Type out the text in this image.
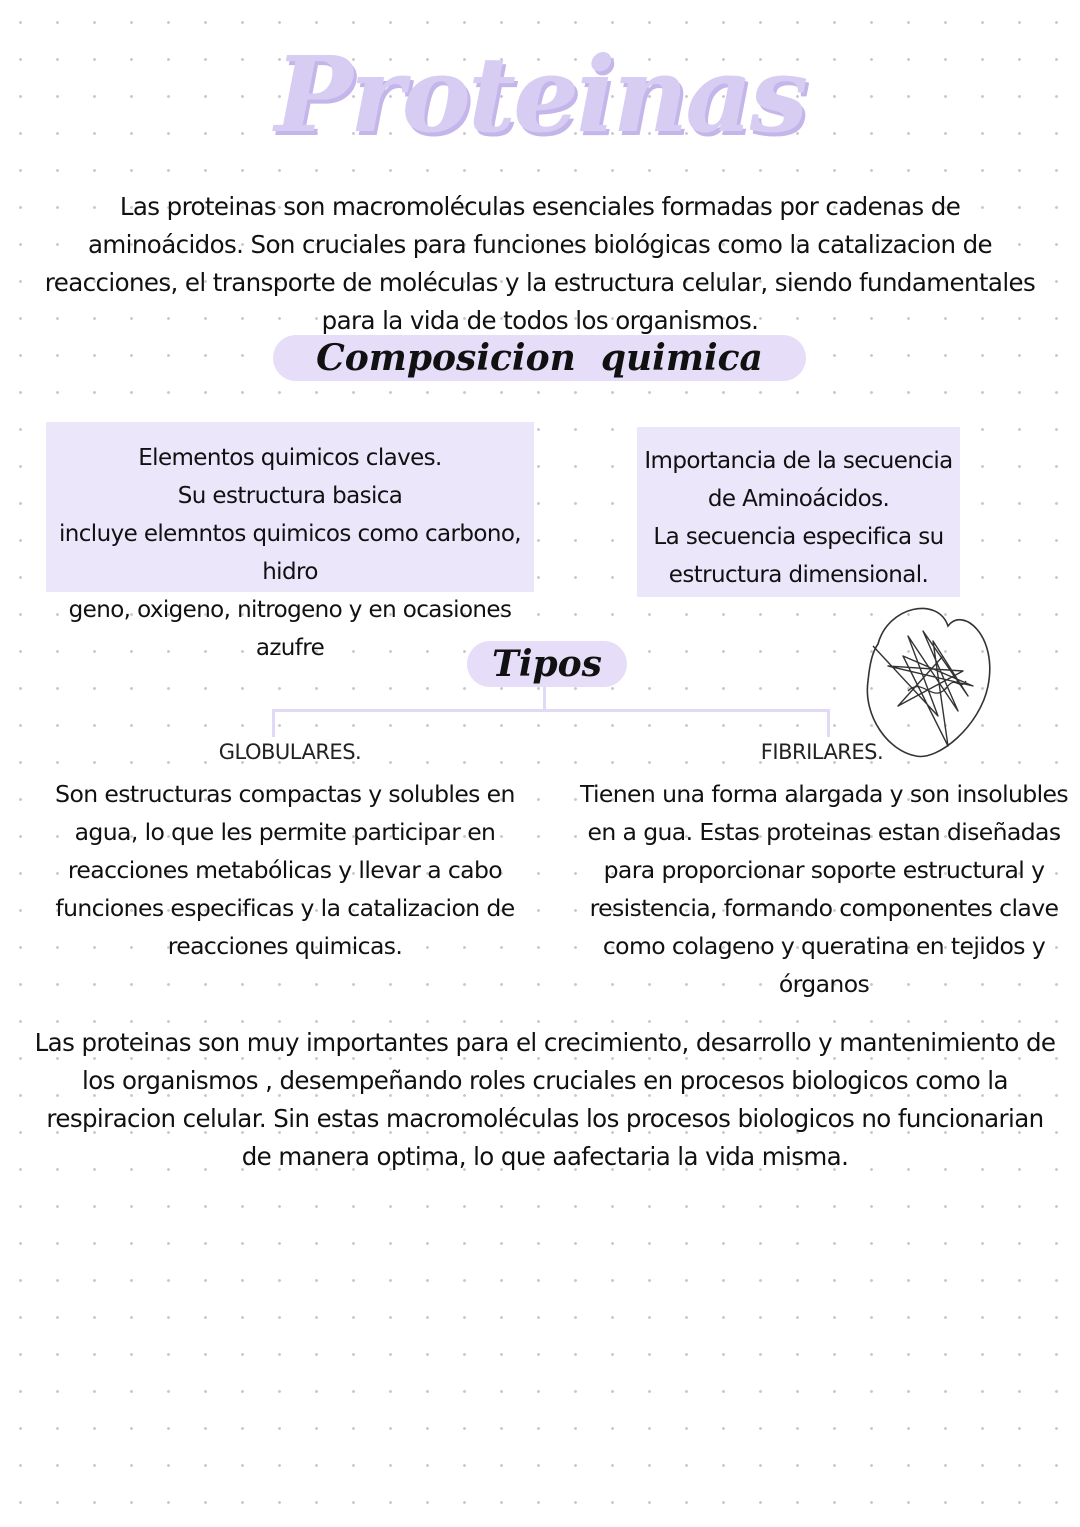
Proteinas
Las proteinas son macromoléculas esenciales formadas por cadenas de aminoácidos. Son cruciales para funciones biológicas como la catalizacion de reacciones, el transporte de moléculas y la estructura celular, siendo fundamentales para la vida de todos los organismos.
Composicion  quimica
Elementos quimicos claves.
Su estructura basica
incluye elemntos quimicos como carbono, hidro
geno, oxigeno, nitrogeno y en ocasiones azufre
Importancia de la secuencia
de Aminoácidos.
La secuencia especifica su
estructura dimensional.
Tipos
GLOBULARES.
Son estructuras compactas y solubles en agua, lo que les permite participar en reacciones metabólicas y llevar a cabo funciones especificas y la catalizacion de reacciones quimicas.
FIBRILARES.
Tienen una forma alargada y son insolubles en a gua. Estas proteinas estan diseñadas para proporcionar soporte estructural y resistencia, formando componentes clave como colageno y queratina en tejidos y órganos
Las proteinas son muy importantes para el crecimiento, desarrollo y mantenimiento de los organismos , desempeñando roles cruciales en procesos biologicos como la respiracion celular. Sin estas macromoléculas los procesos biologicos no funcionarian de manera optima, lo que aafectaria la vida misma.
